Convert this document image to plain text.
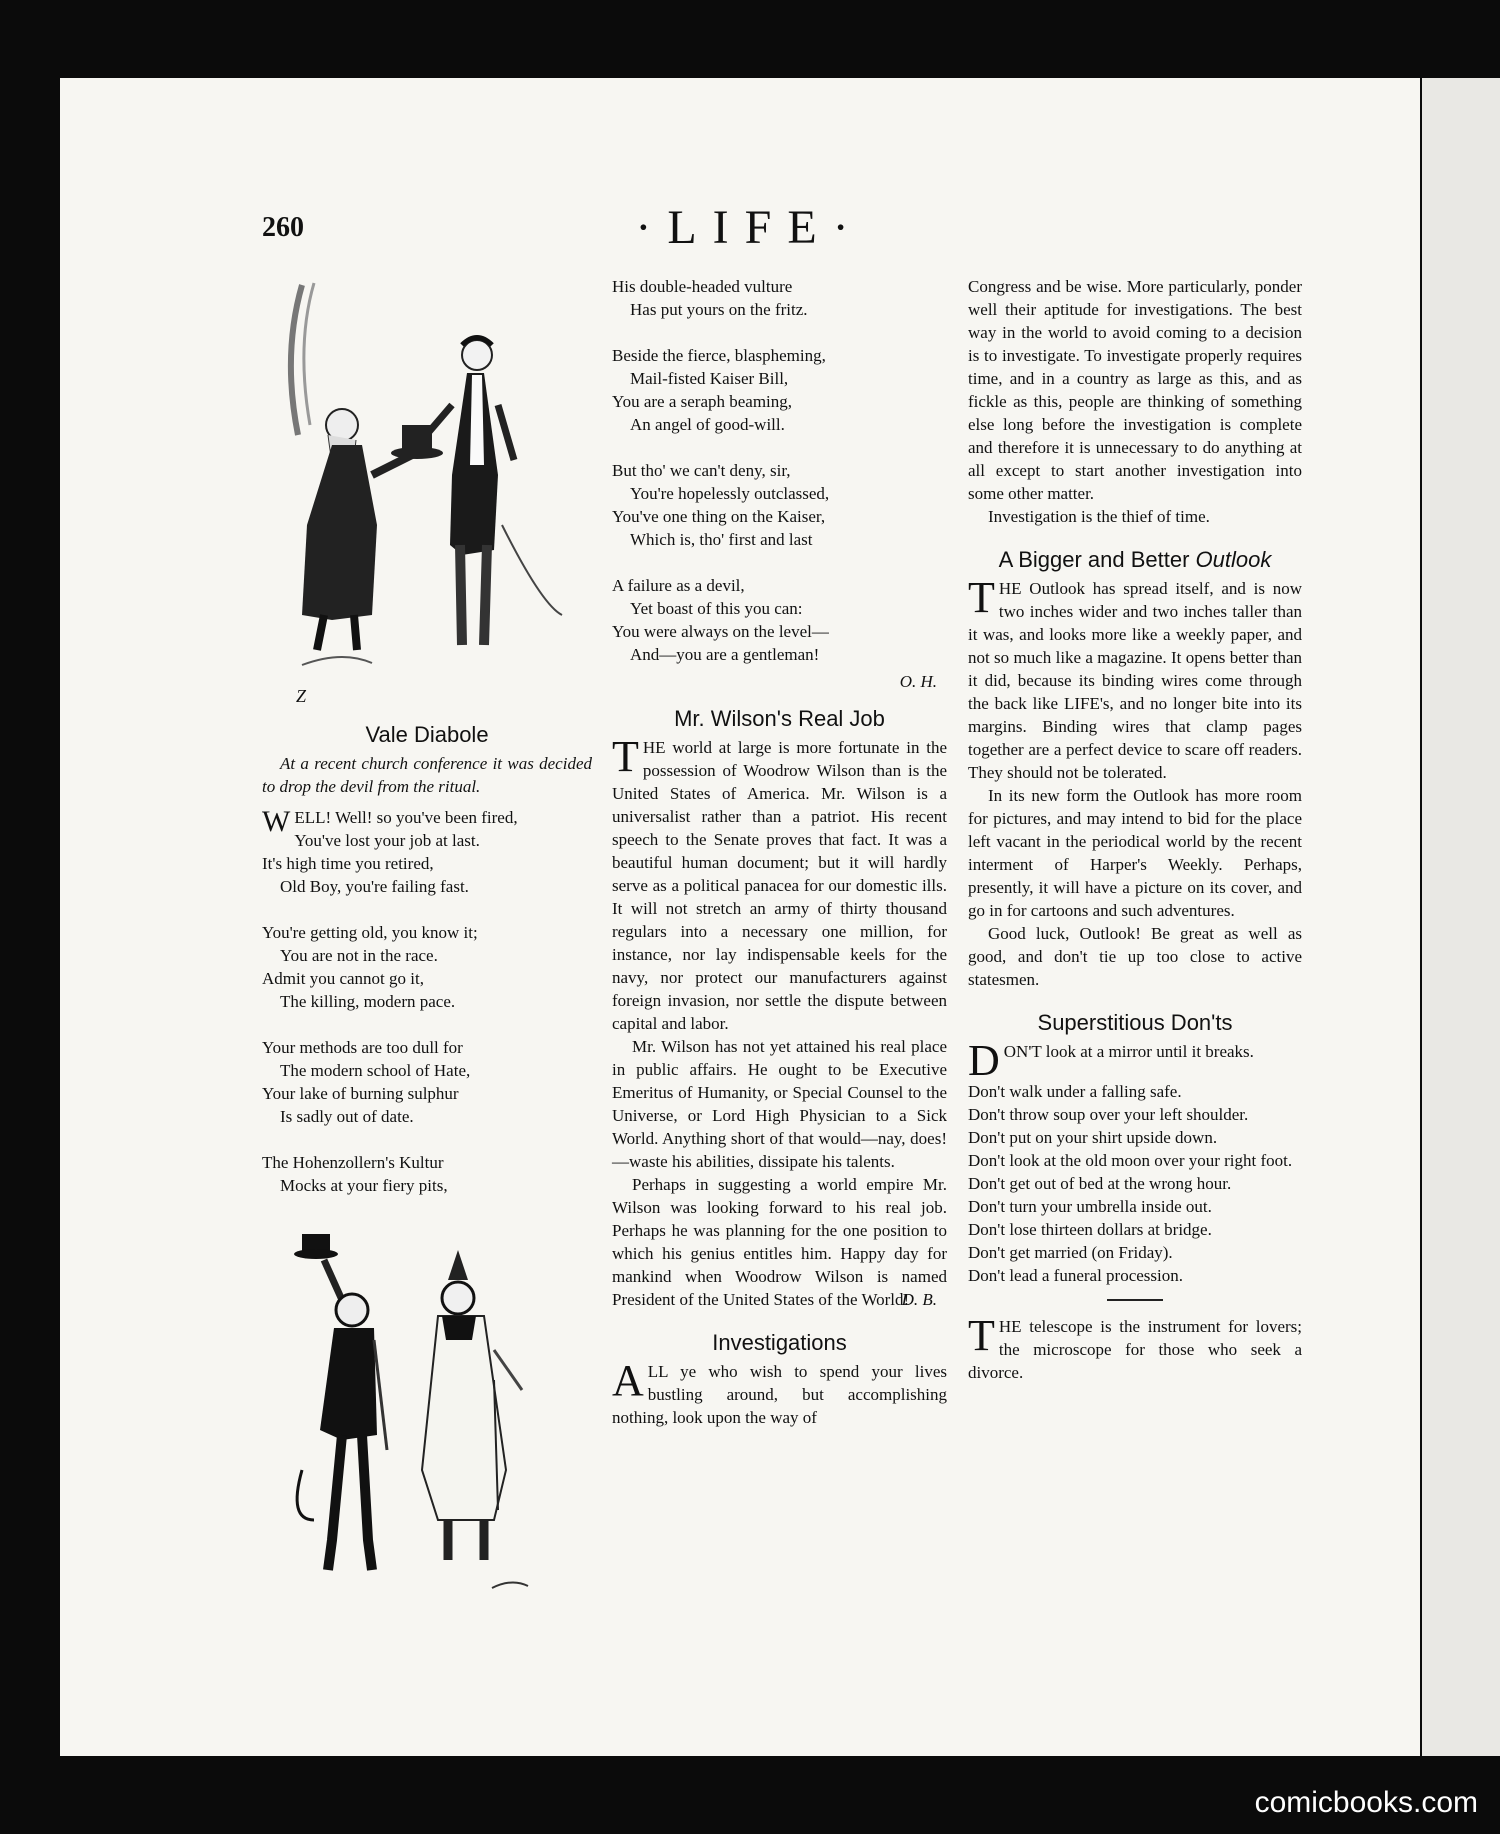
260	·LIFE·
Z
Vale Diabole
At a recent church conference it was decided to drop the devil from the ritual.
W ELL! Well! so you've been fired,
You've lost your job at last.
It's high time you retired,
Old Boy, you're failing fast.
You're getting old, you know it;
You are not in the race.
Admit you cannot go it,
The killing, modern pace.
Your methods are too dull for
The modern school of Hate,
Your lake of burning sulphur
Is sadly out of date.
The Hohenzollern's Kultur
Mocks at your fiery pits,
His double-headed vulture
Has put yours on the fritz.
Beside the fierce, blaspheming,
Mail-fisted Kaiser Bill,
You are a seraph beaming,
An angel of good-will.
But tho' we can't deny, sir,
You're hopelessly outclassed,
You've one thing on the Kaiser,
Which is, tho' first and last
A failure as a devil,
Yet boast of this you can:
You were always on the level—
And—you are a gentleman!
O. H.
Mr. Wilson's Real Job

THE world at large is more fortunate in the possession of Woodrow Wilson than is the United States of America. Mr. Wilson is a universalist rather than a patriot. His recent speech to the Senate proves that fact. It was a beautiful human document; but it will hardly serve as a political panacea for our domestic ills. It will not stretch an army of thirty thousand regulars into a necessary one million, for instance, nor lay indispensable keels for the navy, nor protect our manufacturers against foreign invasion, nor settle the dispute between capital and labor.

Mr. Wilson has not yet attained his real place in public affairs. He ought to be Executive Emeritus of Humanity, or Special Counsel to the Universe, or Lord High Physician to a Sick World. Anything short of that would—nay, does!—waste his abilities, dissipate his talents.

Perhaps in suggesting a world empire Mr. Wilson was looking forward to his real job. Perhaps he was planning for the one position to which his genius entitles him. Happy day for mankind when Woodrow Wilson is named President of the United States of the World!

D. B.
Investigations

ALL ye who wish to spend your lives bustling around, but accomplishing nothing, look upon the way of

Congress and be wise. More particularly, ponder well their aptitude for investigations. The best way in the world to avoid coming to a decision is to investigate. To investigate properly requires time, and in a country as large as this, and as fickle as this, people are thinking of something else long before the investigation is complete and therefore it is unnecessary to do anything at all except to start another investigation into some other matter.

Investigation is the thief of time.

A Bigger and Better Outlook

THE Outlook has spread itself, and is now two inches wider and two inches taller than it was, and looks more like a weekly paper, and not so much like a magazine. It opens better than it did, because its binding wires come through the back like LIFE's, and no longer bite into its margins. Binding wires that clamp pages together are a perfect device to scare off readers. They should not be tolerated.

In its new form the Outlook has more room for pictures, and may intend to bid for the place left vacant in the periodical world by the recent interment of Harper's Weekly. Perhaps, presently, it will have a picture on its cover, and go in for cartoons and such adventures.

Good luck, Outlook! Be great as well as good, and don't tie up too close to active statesmen.

Superstitious Don'ts

DON'T look at a mirror until it breaks.

Don't walk under a falling safe.

Don't throw soup over your left shoulder.

Don't put on your shirt upside down.

Don't look at the old moon over your right foot.

Don't get out of bed at the wrong hour.

Don't turn your umbrella inside out.

Don't lose thirteen dollars at bridge.

Don't get married (on Friday).

Don't lead a funeral procession.

THE telescope is the instrument for lovers; the microscope for those who seek a divorce.

comicbooks.com
